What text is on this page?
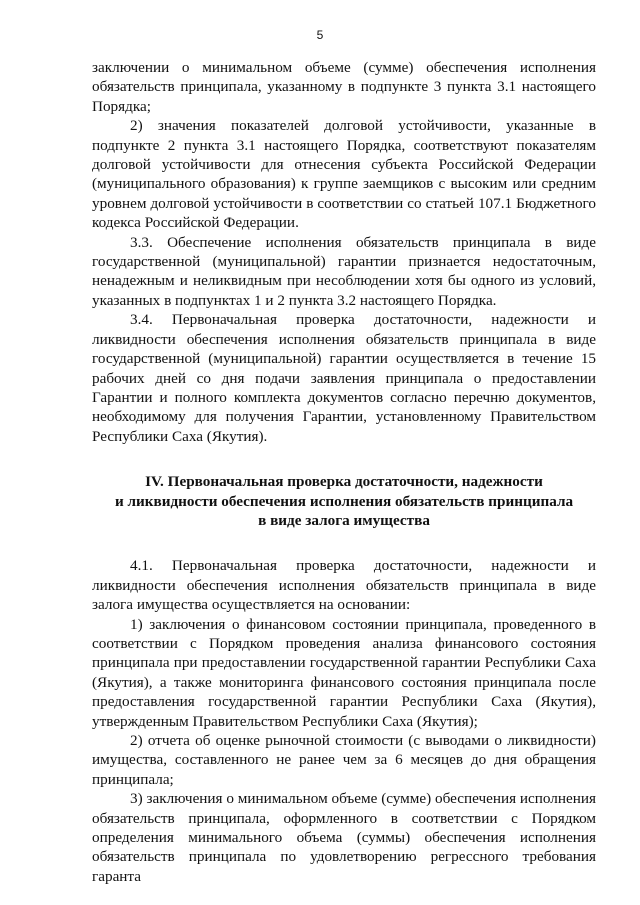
5

заключении о минимальном объеме (сумме) обеспечения исполнения обязательств принципала, указанному в подпункте 3 пункта 3.1 настоящего Порядка;

2) значения показателей долговой устойчивости, указанные в подпункте 2 пункта 3.1 настоящего Порядка, соответствуют показателям долговой устойчивости для отнесения субъекта Российской Федерации (муниципального образования) к группе заемщиков с высоким или средним уровнем долговой устойчивости в соответствии со статьей 107.1 Бюджетного кодекса Российской Федерации.

3.3. Обеспечение исполнения обязательств принципала в виде государственной (муниципальной) гарантии признается недостаточным, ненадежным и неликвидным при несоблюдении хотя бы одного из условий, указанных в подпунктах 1 и 2 пункта 3.2 настоящего Порядка.

3.4. Первоначальная проверка достаточности, надежности и ликвидности обеспечения исполнения обязательств принципала в виде государственной (муниципальной) гарантии осуществляется в течение 15 рабочих дней со дня подачи заявления принципала о предоставлении Гарантии и полного комплекта документов согласно перечню документов, необходимому для получения Гарантии, установленному Правительством Республики Саха (Якутия).

IV. Первоначальная проверка достаточности, надежности
и ликвидности обеспечения исполнения обязательств принципала
в виде залога имущества

4.1. Первоначальная проверка достаточности, надежности и ликвидности обеспечения исполнения обязательств принципала в виде залога имущества осуществляется на основании:

1) заключения о финансовом состоянии принципала, проведенного в соответствии с Порядком проведения анализа финансового состояния принципала при предоставлении государственной гарантии Республики Саха (Якутия), а также мониторинга финансового состояния принципала после предоставления государственной гарантии Республики Саха (Якутия), утвержденным Правительством Республики Саха (Якутия);

2) отчета об оценке рыночной стоимости (с выводами о ликвидности) имущества, составленного не ранее чем за 6 месяцев до дня обращения принципала;

3) заключения о минимальном объеме (сумме) обеспечения исполнения обязательств принципала, оформленного в соответствии с Порядком определения минимального объема (суммы) обеспечения исполнения обязательств принципала по удовлетворению регрессного требования гаранта
